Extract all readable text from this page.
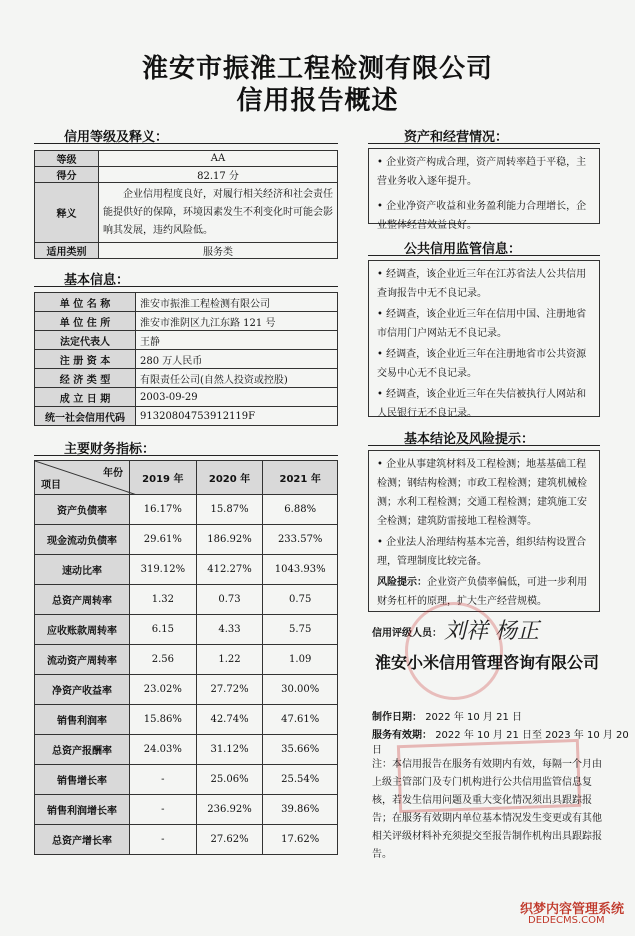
淮安市振淮工程检测有限公司
信用报告概述
信用等级及释义：
等级	AA
得分	82.17 分
释义	企业信用程度良好，对履行相关经济和社会责任能提供好的保障，环境因素发生不利变化时可能会影响其发展，违约风险低。
适用类别	服务类
基本信息：
单 位 名 称	淮安市振淮工程检测有限公司
单 位 住 所	淮安市淮阴区九江东路 121 号
法定代表人	王静
注 册 资 本	280 万人民币
经 济 类 型	有限责任公司(自然人投资或控股)
成 立 日 期	2003-09-29
统一社会信用代码	91320804753912119F
主要财务指标：
年份
项目	2019 年	2020 年	2021 年
资产负债率	16.17%	15.87%	6.88%
现金流动负债率	29.61%	186.92%	233.57%
速动比率	319.12%	412.27%	1043.93%
总资产周转率	1.32	0.73	0.75
应收账款周转率	6.15	4.33	5.75
流动资产周转率	2.56	1.22	1.09
净资产收益率	23.02%	27.72%	30.00%
销售利润率	15.86%	42.74%	47.61%
总资产报酬率	24.03%	31.12%	35.66%
销售增长率	-	25.06%	25.54%
销售利润增长率	-	236.92%	39.86%
总资产增长率	-	27.62%	17.62%
资产和经营情况：

• 企业资产构成合理，资产周转率趋于平稳，主营业务收入逐年提升。

• 企业净资产收益和业务盈利能力合理增长，企业整体经营效益良好。

公共信用监管信息：

• 经调查，该企业近三年在江苏省法人公共信用查询报告中无不良记录。

• 经调查，该企业近三年在信用中国、注册地省市信用门户网站无不良记录。

• 经调查，该企业近三年在注册地省市公共资源交易中心无不良记录。

• 经调查，该企业近三年在失信被执行人网站和人民银行无不良记录。

基本结论及风险提示：

• 企业从事建筑材料及工程检测；地基基础工程检测；钢结构检测；市政工程检测；建筑机械检测；水利工程检测；交通工程检测；建筑施工安全检测；建筑防雷接地工程检测等。

• 企业法人治理结构基本完善，组织结构设置合理，管理制度比较完备。

风险提示：企业资产负债率偏低，可进一步利用财务杠杆的原理，扩大生产经营规模。

信用评级人员： 刘祥 杨正
淮安小米信用管理咨询有限公司
制作日期： 2022 年 10 月 21 日
服务有效期： 2022 年 10 月 21 日至 2023 年 10 月 20 日
注：本信用报告在服务有效期内有效，每隔一个月由上级主管部门及专门机构进行公共信用监管信息复核，若发生信用问题及重大变化情况须出具跟踪报告；在服务有效期内单位基本情况发生变更或有其他相关评级材料补充须提交至报告制作机构出具跟踪报告。
织梦内容管理系统
DEDECMS.COM
